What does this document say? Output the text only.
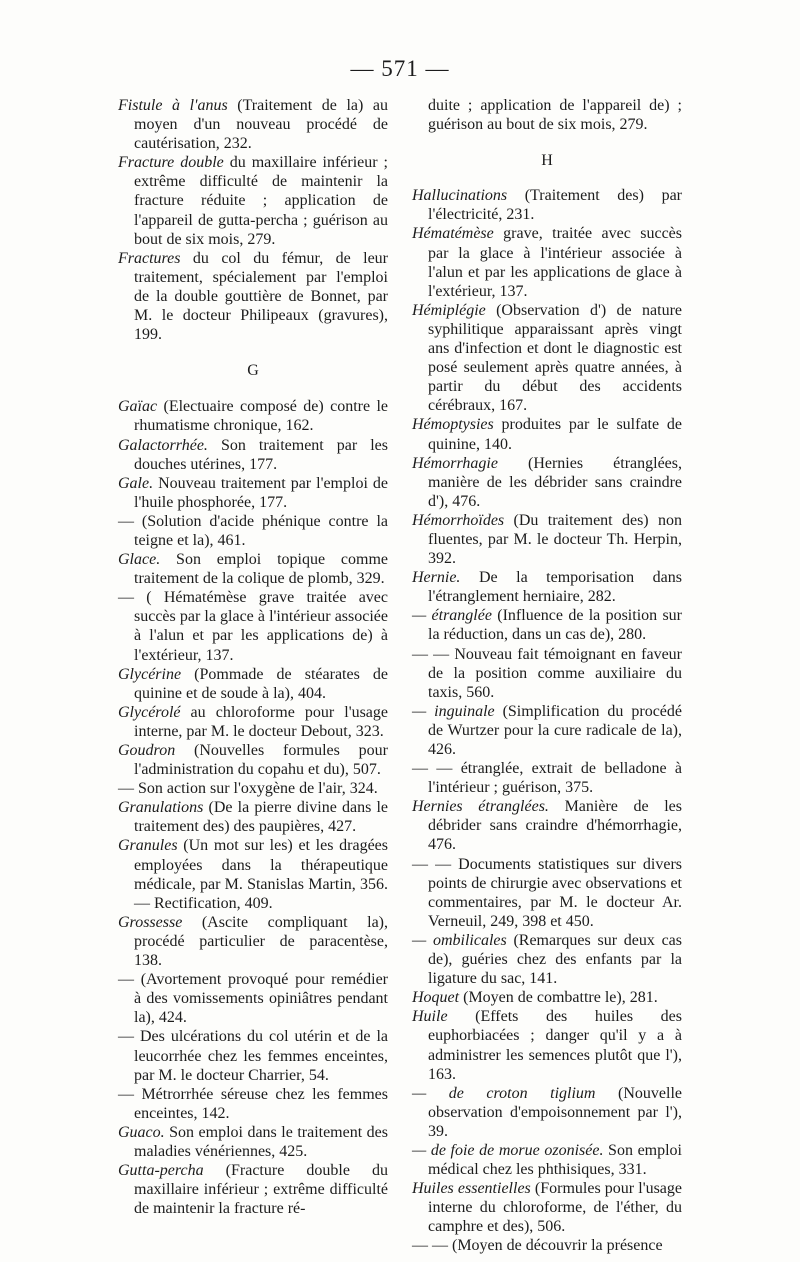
— 571 —

Fistule à l'anus (Traitement de la) au moyen d'un nouveau procédé de cautérisation, 232.

Fracture double du maxillaire inférieur ; extrême difficulté de maintenir la fracture réduite ; application de l'appareil de gutta-percha ; guérison au bout de six mois, 279.

Fractures du col du fémur, de leur traitement, spécialement par l'emploi de la double gouttière de Bonnet, par M. le docteur Philipeaux (gravures), 199.

G

Gaïac (Electuaire composé de) contre le rhumatisme chronique, 162.

Galactorrhée. Son traitement par les douches utérines, 177.

Gale. Nouveau traitement par l'emploi de l'huile phosphorée, 177.

— (Solution d'acide phénique contre la teigne et la), 461.

Glace. Son emploi topique comme traitement de la colique de plomb, 329.

— ( Hématémèse grave traitée avec succès par la glace à l'intérieur associée à l'alun et par les applications de) à l'extérieur, 137.

Glycérine (Pommade de stéarates de quinine et de soude à la), 404.

Glycérolé au chloroforme pour l'usage interne, par M. le docteur Debout, 323.

Goudron (Nouvelles formules pour l'administration du copahu et du), 507.

— Son action sur l'oxygène de l'air, 324.

Granulations (De la pierre divine dans le traitement des) des paupières, 427.

Granules (Un mot sur les) et les dragées employées dans la thérapeutique médicale, par M. Stanislas Martin, 356. — Rectification, 409.

Grossesse (Ascite compliquant la), procédé particulier de paracentèse, 138.

— (Avortement provoqué pour remédier à des vomissements opiniâtres pendant la), 424.

— Des ulcérations du col utérin et de la leucorrhée chez les femmes enceintes, par M. le docteur Charrier, 54.

— Métrorrhée séreuse chez les femmes enceintes, 142.

Guaco. Son emploi dans le traitement des maladies vénériennes, 425.

Gutta-percha (Fracture double du maxillaire inférieur ; extrême difficulté de maintenir la fracture ré-

duite ; application de l'appareil de) ; guérison au bout de six mois, 279.

H

Hallucinations (Traitement des) par l'électricité, 231.

Hématémèse grave, traitée avec succès par la glace à l'intérieur associée à l'alun et par les applications de glace à l'extérieur, 137.

Hémiplégie (Observation d') de nature syphilitique apparaissant après vingt ans d'infection et dont le diagnostic est posé seulement après quatre années, à partir du début des accidents cérébraux, 167.

Hémoptysies produites par le sulfate de quinine, 140.

Hémorrhagie (Hernies étranglées, manière de les débrider sans craindre d'), 476.

Hémorrhoïdes (Du traitement des) non fluentes, par M. le docteur Th. Herpin, 392.

Hernie. De la temporisation dans l'étranglement herniaire, 282.

— étranglée (Influence de la position sur la réduction, dans un cas de), 280.

— — Nouveau fait témoignant en faveur de la position comme auxiliaire du taxis, 560.

— inguinale (Simplification du procédé de Wurtzer pour la cure radicale de la), 426.

— — étranglée, extrait de belladone à l'intérieur ; guérison, 375.

Hernies étranglées. Manière de les débrider sans craindre d'hémorrhagie, 476.

— — Documents statistiques sur divers points de chirurgie avec observations et commentaires, par M. le docteur Ar. Verneuil, 249, 398 et 450.

— ombilicales (Remarques sur deux cas de), guéries chez des enfants par la ligature du sac, 141.

Hoquet (Moyen de combattre le), 281.

Huile (Effets des huiles des euphorbiacées ; danger qu'il y a à administrer les semences plutôt que l'), 163.

— de croton tiglium (Nouvelle observation d'empoisonnement par l'), 39.

— de foie de morue ozonisée. Son emploi médical chez les phthisiques, 331.

Huiles essentielles (Formules pour l'usage interne du chloroforme, de l'éther, du camphre et des), 506.

— — (Moyen de découvrir la présence
